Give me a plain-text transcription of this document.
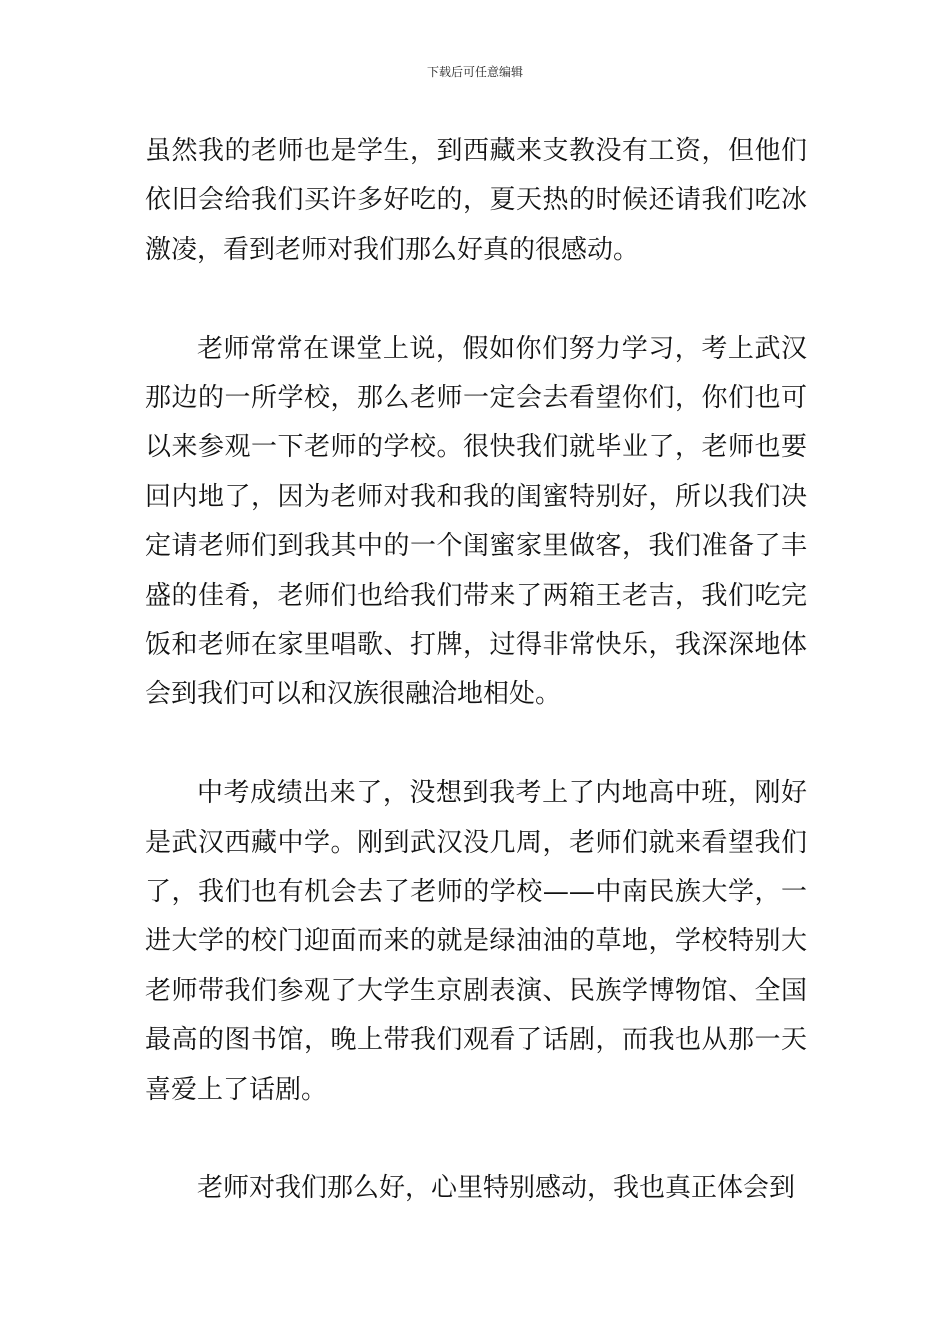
下载后可任意编辑

虽然我的老师也是学生，到西藏来支教没有工资，但他们依旧会给我们买许多好吃的，夏天热的时候还请我们吃冰激凌，看到老师对我们那么好真的很感动。

老师常常在课堂上说，假如你们努力学习，考上武汉那边的一所学校，那么老师一定会去看望你们，你们也可以来参观一下老师的学校。很快我们就毕业了，老师也要回内地了，因为老师对我和我的闺蜜特别好，所以我们决定请老师们到我其中的一个闺蜜家里做客，我们准备了丰盛的佳肴，老师们也给我们带来了两箱王老吉，我们吃完饭和老师在家里唱歌、打牌，过得非常快乐，我深深地体会到我们可以和汉族很融洽地相处。

中考成绩出来了，没想到我考上了内地高中班，刚好是武汉西藏中学。刚到武汉没几周，老师们就来看望我们了，我们也有机会去了老师的学校——中南民族大学，一进大学的校门迎面而来的就是绿油油的草地，学校特别大老师带我们参观了大学生京剧表演、民族学博物馆、全国最高的图书馆，晚上带我们观看了话剧，而我也从那一天喜爱上了话剧。

老师对我们那么好，心里特别感动，我也真正体会到
